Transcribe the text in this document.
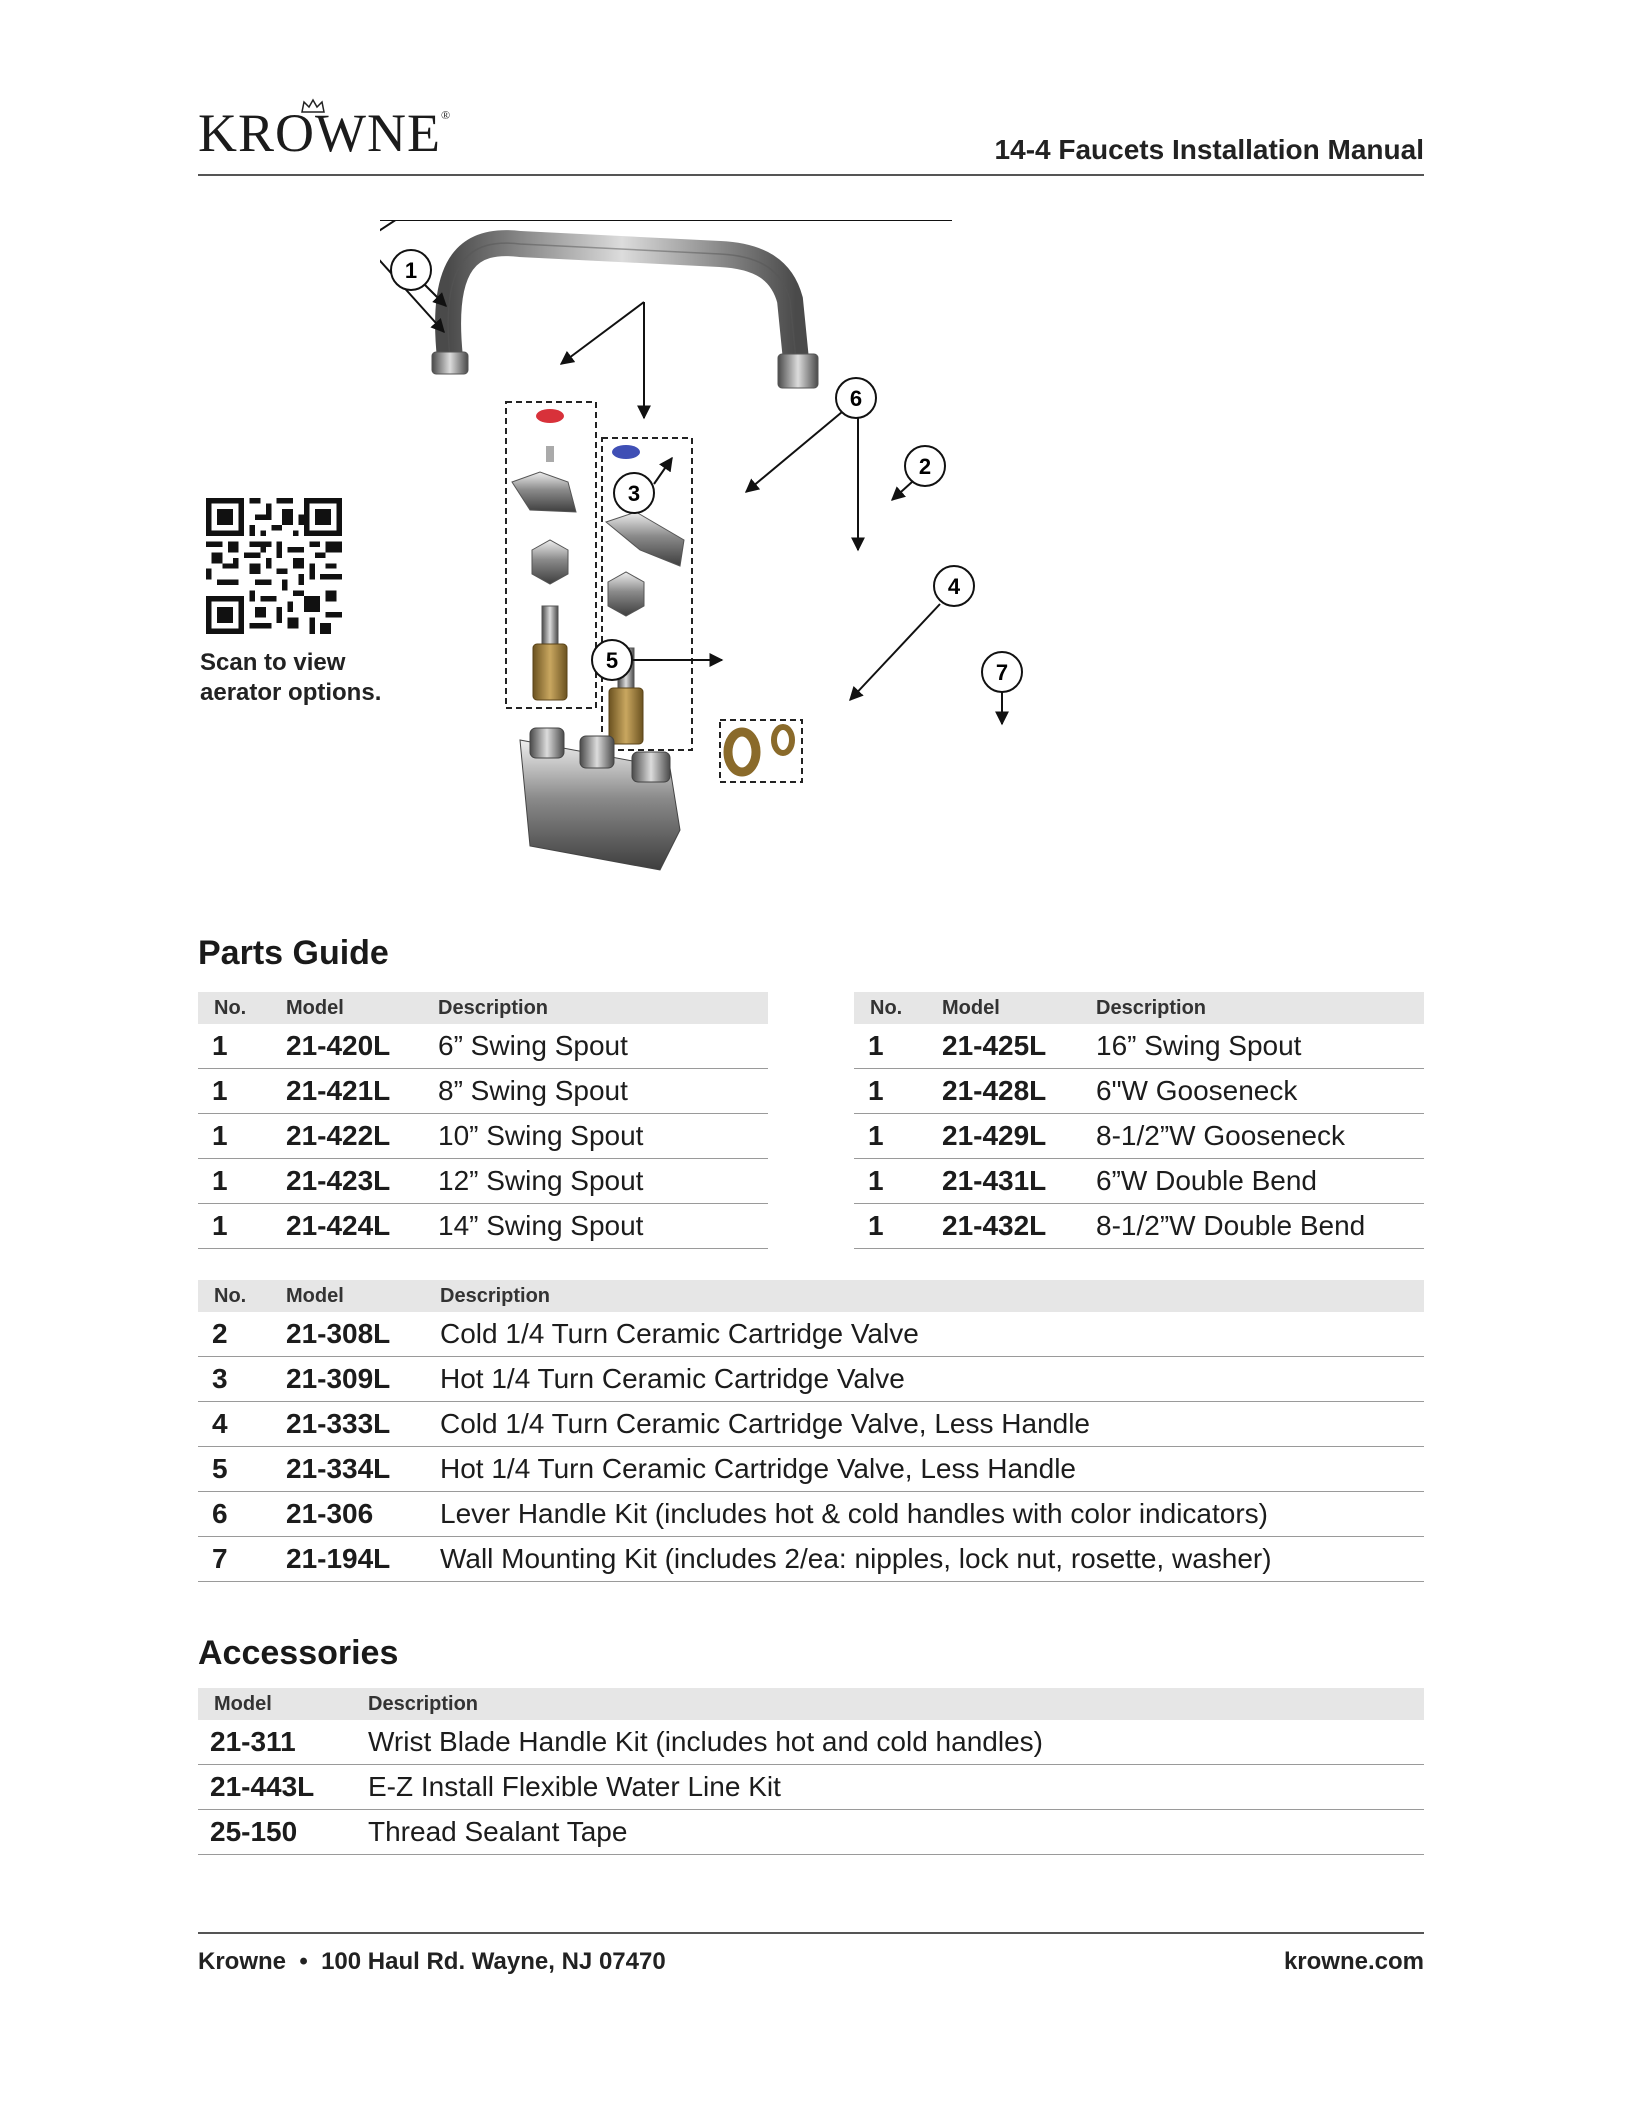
KROWNE®
14-4 Faucets Installation Manual
Scan to view
aerator options.
1
2
3
4
5
6
7
Parts Guide
No.	Model	Description
1	21-420L	6” Swing Spout
1	21-421L	8” Swing Spout
1	21-422L	10” Swing Spout
1	21-423L	12” Swing Spout
1	21-424L	14” Swing Spout
No.	Model	Description
1	21-425L	16” Swing Spout
1	21-428L	6"W Gooseneck
1	21-429L	8-1/2”W Gooseneck
1	21-431L	6”W Double Bend
1	21-432L	8-1/2”W Double Bend
No.	Model	Description
2	21-308L	Cold 1/4 Turn Ceramic Cartridge Valve
3	21-309L	Hot 1/4 Turn Ceramic Cartridge Valve
4	21-333L	Cold 1/4 Turn Ceramic Cartridge Valve, Less Handle
5	21-334L	Hot 1/4 Turn Ceramic Cartridge Valve, Less Handle
6	21-306	Lever Handle Kit (includes hot & cold handles with color indicators)
7	21-194L	Wall Mounting Kit (includes 2/ea: nipples, lock nut, rosette, washer)
Accessories
Model	Description
21-311	Wrist Blade Handle Kit (includes hot and cold handles)
21-443L	E-Z Install Flexible Water Line Kit
25-150	Thread Sealant Tape
Krowne  •  100 Haul Rd. Wayne, NJ 07470	krowne.com
